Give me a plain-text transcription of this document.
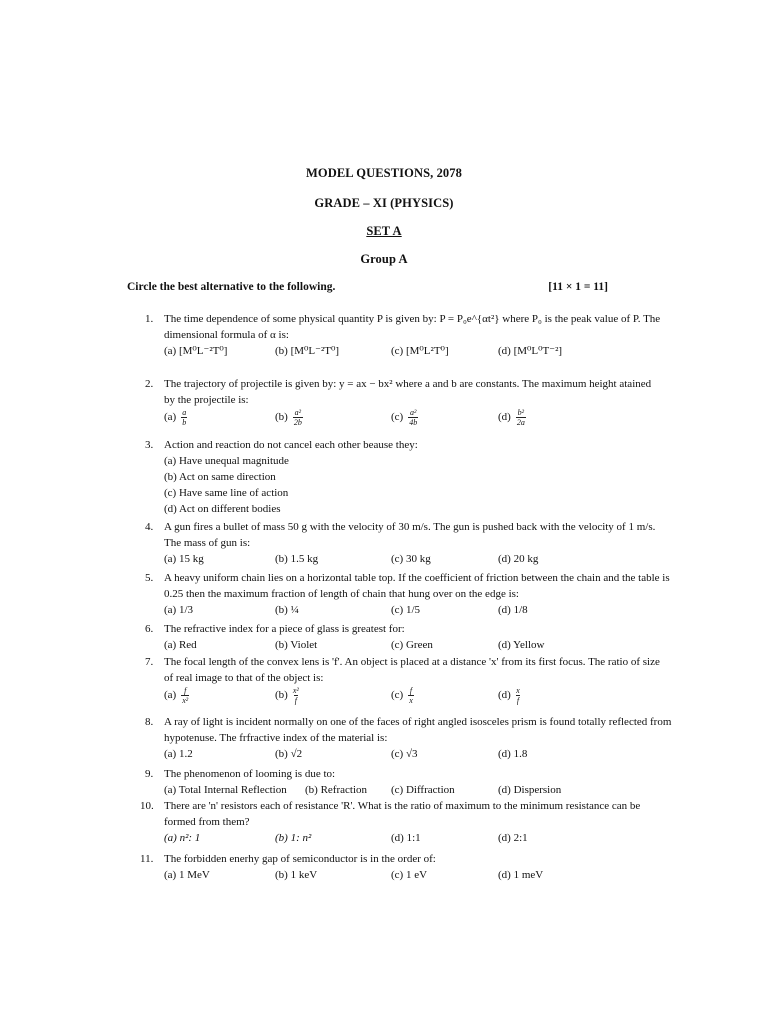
MODEL QUESTIONS, 2078
GRADE – XI (PHYSICS)
SET A
Group A
Circle the best alternative to the following.	[11 × 1 = 11]
1. The time dependence of some physical quantity P is given by: P = P₀e^{αt²} where P₀ is the peak value of P. The
dimensional formula of α is:
(a) [M⁰L⁻²T⁰]	(b) [M⁰L⁻²T⁰]	(c) [M⁰L²T⁰]	(d) [M⁰L⁰T⁻²]
2. The trajectory of projectile is given by: y = ax − bx² where a and b are constants. The maximum height atained
by the projectile is:
$(a) \frac{a}{b}$	$(b) \frac{\text{a²}}{2b}$	$(c) \frac{\text{a²}}{4b}$	$(d) \frac{\text{b²}}{2a}$
3. Action and reaction do not cancel each other beause they:
(a) Have unequal magnitude
(b) Act on same direction
(c) Have same line of action
(d) Act on different bodies
4. A gun fires a bullet of mass 50 g with the velocity of 30 m/s. The gun is pushed back with the velocity of 1 m/s.
The mass of gun is:
(a) 15 kg	(b) 1.5 kg	(c) 30 kg	(d) 20 kg
5. A heavy uniform chain lies on a horizontal table top. If the coefficient of friction between the chain and the table is
0.25 then the maximum fraction of length of chain that hung over on the edge is:
(a) 1/3	(b) ¼	(c) 1/5	(d) 1/8
6. The refractive index for a piece of glass is greatest for:
(a) Red	(b) Violet	(c) Green	(d) Yellow
7. The focal length of the convex lens is 'f'. An object is placed at a distance 'x' from its first focus. The ratio of size
of real image to that of the object is:
$(a) \frac{f}{\text{x²}}$	$(b) \frac{\text{x²}}{f}$	$(c) \frac{f}{x}$	$(d) \frac{x}{f}$
8. A ray of light is incident normally on one of the faces of right angled isosceles prism is found totally reflected from
hypotenuse. The frfractive index of the material is:
(a) 1.2	(b) √2	(c) √3	(d) 1.8
9. The phenomenon of looming is due to:
(a) Total Internal Reflection (b) Refraction (c) Diffraction	(d) Dispersion
10. There are 'n' resistors each of resistance 'R'. What is the ratio of maximum to the minimum resistance can be
formed from them?
(a) n²: 1	(b) 1: n²	(d) 1:1	(d) 2:1
11. The forbidden enerhy gap of semiconductor is in the order of:
(a) 1 MeV	(b) 1 keV	(c) 1 eV	(d) 1 meV
